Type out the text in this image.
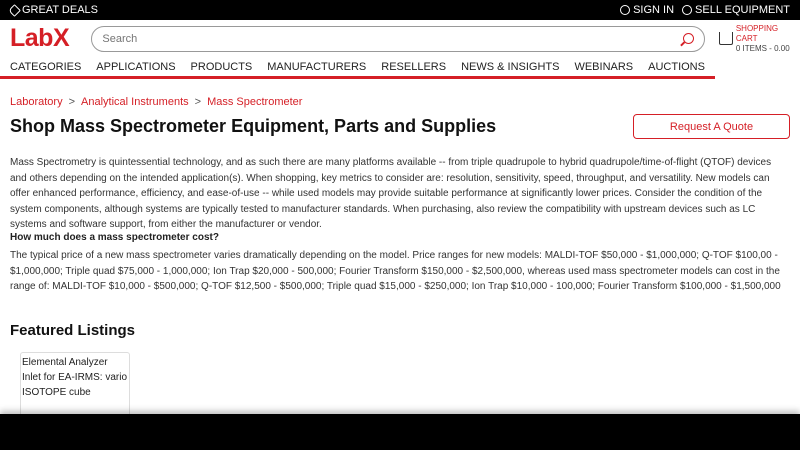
GREAT DEALS	SIGN IN SELL EQUIPMENT
LabX
Search	SHOPPING CART
0 ITEMS - 0.00
CATEGORIES APPLICATIONS PRODUCTS MANUFACTURERS RESELLERS NEWS & INSIGHTS WEBINARS AUCTIONS
Laboratory > Analytical Instruments > Mass Spectrometer
Shop Mass Spectrometer Equipment, Parts and Supplies	Request A Quote

Mass Spectrometry is quintessential technology, and as such there are many platforms available -- from triple quadrupole to hybrid quadrupole/time-of-flight (QTOF) devices and others depending on the intended application(s). When shopping, key metrics to consider are: resolution, sensitivity, speed, throughput, and versatility. New models can offer enhanced performance, efficiency, and ease-of-use -- while used models may provide suitable performance at significantly lower prices. Consider the condition of the system components, although systems are typically tested to manufacturer standards. When purchasing, also review the compatibility with upstream devices such as LC systems and software support, from either the manufacturer or vendor.

How much does a mass spectrometer cost?

The typical price of a new mass spectrometer varies dramatically depending on the model. Price ranges for new models: MALDI-TOF $50,000 - $1,000,000; Q-TOF $100,00 - $1,000,000; Triple quad $75,000 - 1,000,000; Ion Trap $20,000 - 500,000; Fourier Transform $150,000 - $2,500,000, whereas used mass spectrometer models can cost in the range of: MALDI-TOF $10,000 - $500,000; Q-TOF $12,500 - $500,000; Triple quad $15,000 - $250,000; Ion Trap $10,000 - 100,000; Fourier Transform $100,000 - $1,500,000

Featured Listings
Elemental Analyzer Inlet for EA-IRMS: vario ISOTOPE cube
